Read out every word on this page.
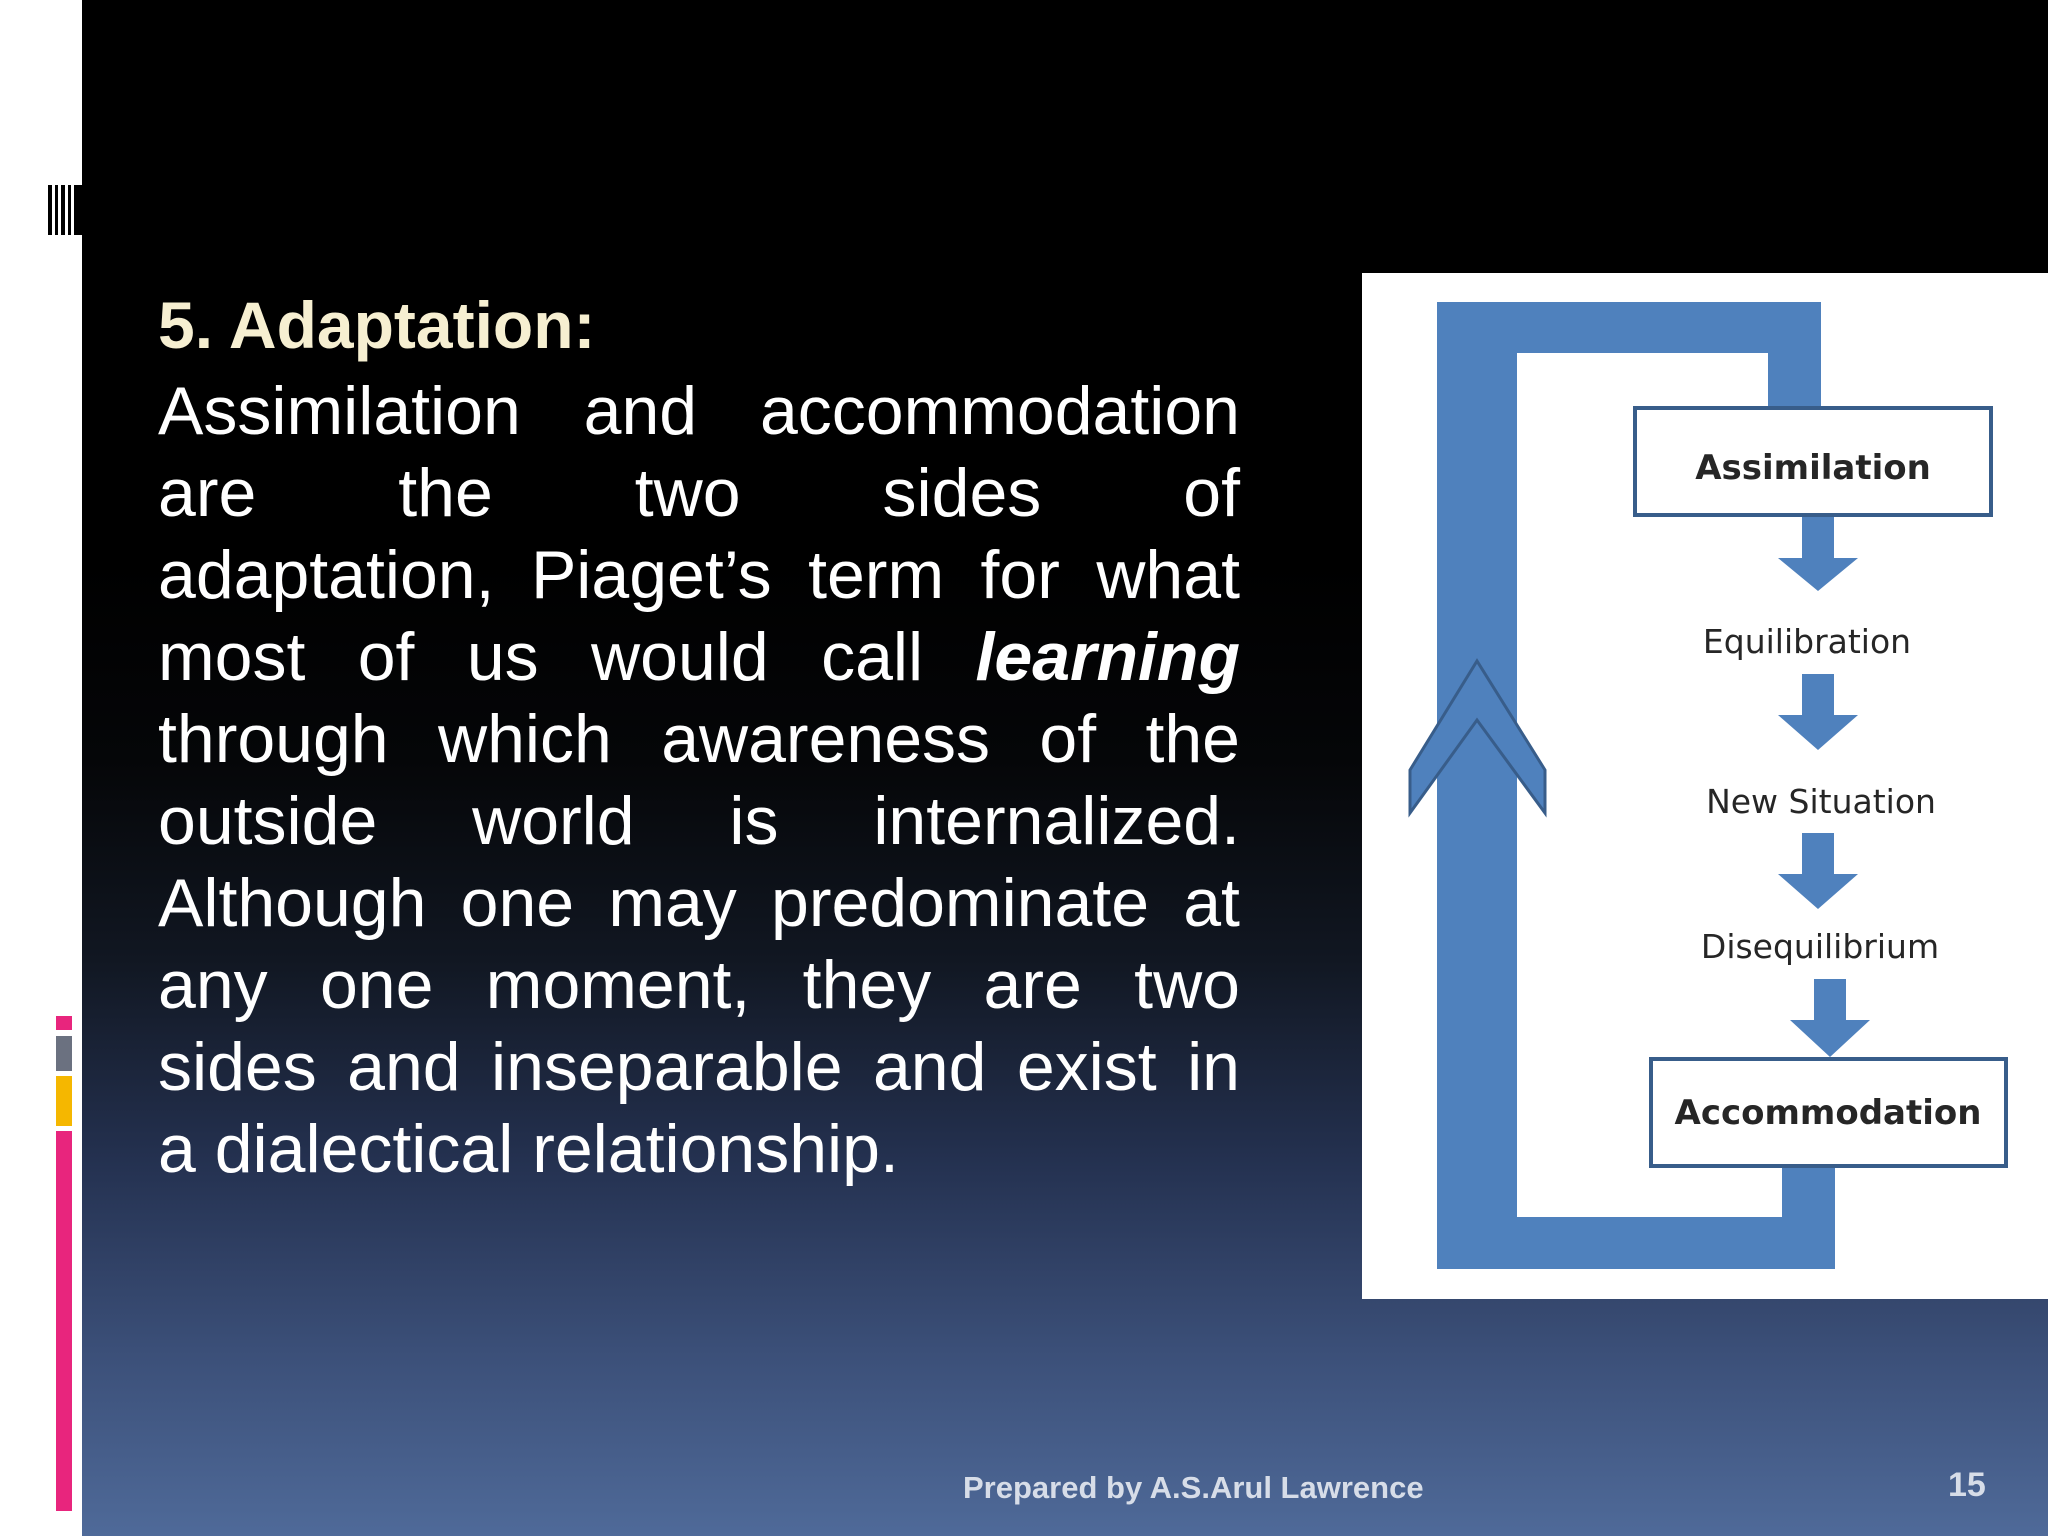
5. Adaptation:
Assimilation and accommodation
are the two sides of
adaptation, Piaget’s term for what
most of us would call learning
through which awareness of the
outside world is internalized.
Although one may predominate at
any one moment, they are two
sides and inseparable and exist in
a dialectical relationship.
Assimilation
Equilibration
New Situation
Disequilibrium
Accommodation
Prepared by A.S.Arul Lawrence	15
